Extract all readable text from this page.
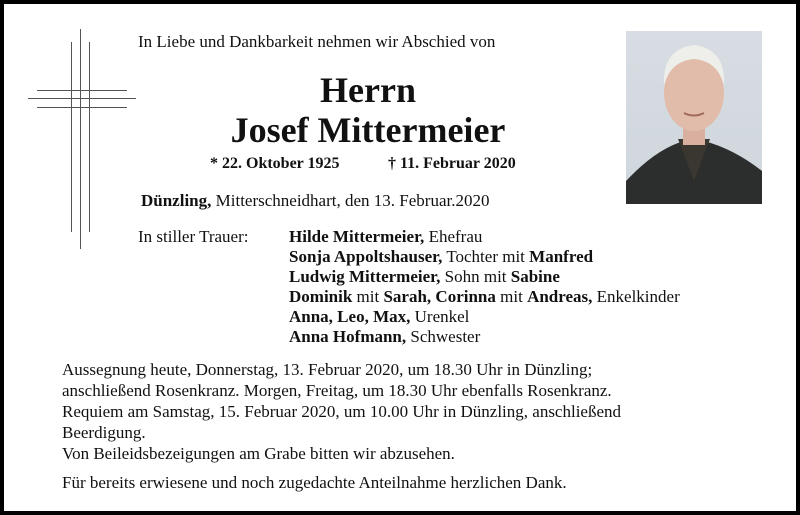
In Liebe und Dankbarkeit nehmen wir Abschied von
Herrn
Josef Mittermeier
* 22. Oktober 1925	† 11. Februar 2020
Dünzling, Mitterschneidhart, den 13. Februar.2020
In stiller Trauer: Hilde Mittermeier, Ehefrau
Sonja Appoltshauser, Tochter mit Manfred
Ludwig Mittermeier, Sohn mit Sabine
Dominik mit Sarah, Corinna mit Andreas, Enkelkinder
Anna, Leo, Max, Urenkel
Anna Hofmann, Schwester
Aussegnung heute, Donnerstag, 13. Februar 2020, um 18.30 Uhr in Dünzling;
anschließend Rosenkranz. Morgen, Freitag, um 18.30 Uhr ebenfalls Rosenkranz.
Requiem am Samstag, 15. Februar 2020, um 10.00 Uhr in Dünzling, anschließend
Beerdigung.
Von Beileidsbezeigungen am Grabe bitten wir abzusehen.
Für bereits erwiesene und noch zugedachte Anteilnahme herzlichen Dank.
